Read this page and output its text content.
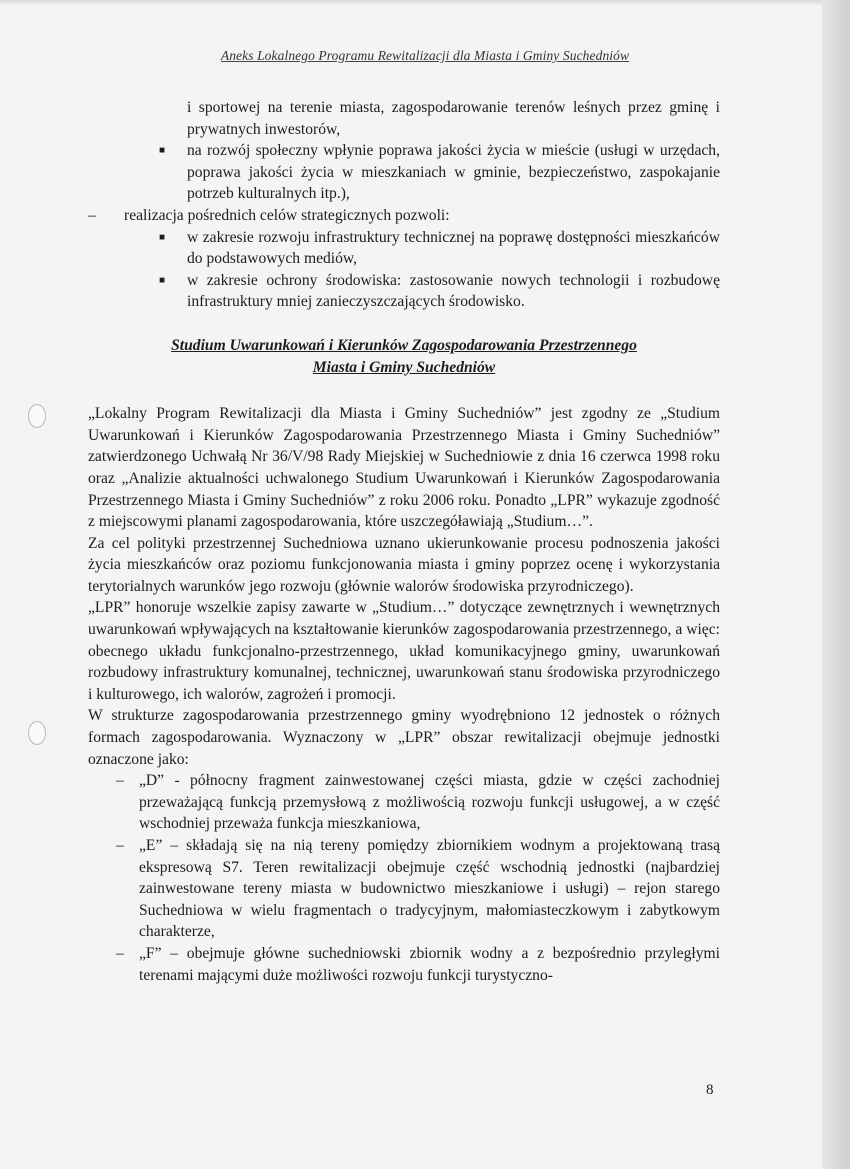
Aneks Lokalnego Programu Rewitalizacji dla Miasta i Gminy Suchedniów
i sportowej na terenie miasta, zagospodarowanie terenów leśnych przez gminę i prywatnych inwestorów,
■ na rozwój społeczny wpłynie poprawa jakości życia w mieście (usługi w urzędach, poprawa jakości życia w mieszkaniach w gminie, bezpieczeństwo, zaspokajanie potrzeb kulturalnych itp.),
– realizacja pośrednich celów strategicznych pozwoli:
■ w zakresie rozwoju infrastruktury technicznej na poprawę dostępności mieszkańców do podstawowych mediów,
■ w zakresie ochrony środowiska: zastosowanie nowych technologii i rozbudowę infrastruktury mniej zanieczyszczających środowisko.
Studium Uwarunkowań i Kierunków Zagospodarowania Przestrzennego
Miasta i Gminy Suchedniów
„Lokalny Program Rewitalizacji dla Miasta i Gminy Suchedniów” jest zgodny ze „Studium Uwarunkowań i Kierunków Zagospodarowania Przestrzennego Miasta i Gminy Suchedniów” zatwierdzonego Uchwałą Nr 36/V/98 Rady Miejskiej w Suchedniowie z dnia 16 czerwca 1998 roku oraz „Analizie aktualności uchwalonego Studium Uwarunkowań i Kierunków Zagospodarowania Przestrzennego Miasta i Gminy Suchedniów” z roku 2006 roku. Ponadto „LPR” wykazuje zgodność z miejscowymi planami zagospodarowania, które uszczegóławiają „Studium…”.
Za cel polityki przestrzennej Suchedniowa uznano ukierunkowanie procesu podnoszenia jakości życia mieszkańców oraz poziomu funkcjonowania miasta i gminy poprzez ocenę i wykorzystania terytorialnych warunków jego rozwoju (głównie walorów środowiska przyrodniczego).
„LPR” honoruje wszelkie zapisy zawarte w „Studium…” dotyczące zewnętrznych i wewnętrznych uwarunkowań wpływających na kształtowanie kierunków zagospodarowania przestrzennego, a więc: obecnego układu funkcjonalno-przestrzennego, układ komunikacyjnego gminy, uwarunkowań rozbudowy infrastruktury komunalnej, technicznej, uwarunkowań stanu środowiska przyrodniczego i kulturowego, ich walorów, zagrożeń i promocji.
W strukturze zagospodarowania przestrzennego gminy wyodrębniono 12 jednostek o różnych formach zagospodarowania. Wyznaczony w „LPR” obszar rewitalizacji obejmuje jednostki oznaczone jako:
– „D” - północny fragment zainwestowanej części miasta, gdzie w części zachodniej przeważającą funkcją przemysłową z możliwością rozwoju funkcji usługowej, a w część wschodniej przeważa funkcja mieszkaniowa,
– „E” – składają się na nią tereny pomiędzy zbiornikiem wodnym a projektowaną trasą ekspresową S7. Teren rewitalizacji obejmuje część wschodnią jednostki (najbardziej zainwestowane tereny miasta w budownictwo mieszkaniowe i usługi) – rejon starego Suchedniowa w wielu fragmentach o tradycyjnym, małomiasteczkowym i zabytkowym charakterze,
– „F” – obejmuje główne suchedniowski zbiornik wodny a z bezpośrednio przyległymi terenami mającymi duże możliwości rozwoju funkcji turystyczno-
8
